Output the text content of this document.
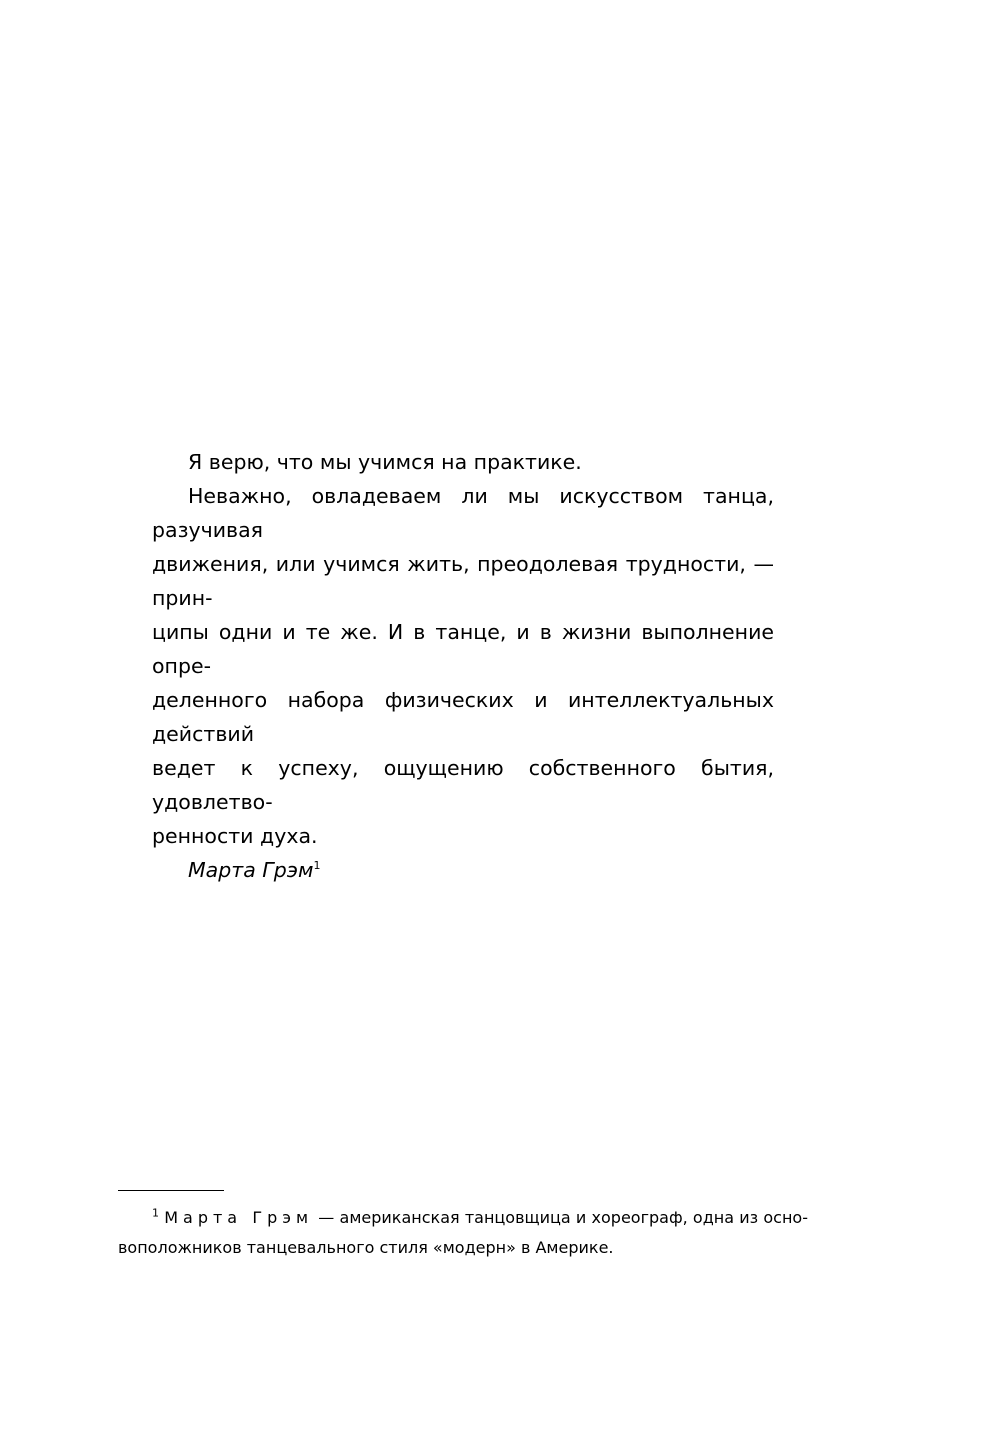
Я верю, что мы учимся на практике.

Неважно, овладеваем ли мы искусством танца, разучивая
движения, или учимся жить, преодолевая трудности, — прин-
ципы одни и те же. И в танце, и в жизни выполнение опре-
деленного набора физических и интеллектуальных действий
ведет к успеху, ощущению собственного бытия, удовлетво-
ренности духа.

Марта Грэм$^1$

$^1$ Марта Грэм — американская танцовщица и хореограф, одна из осно-
воположников танцевального стиля «модерн» в Америке.
